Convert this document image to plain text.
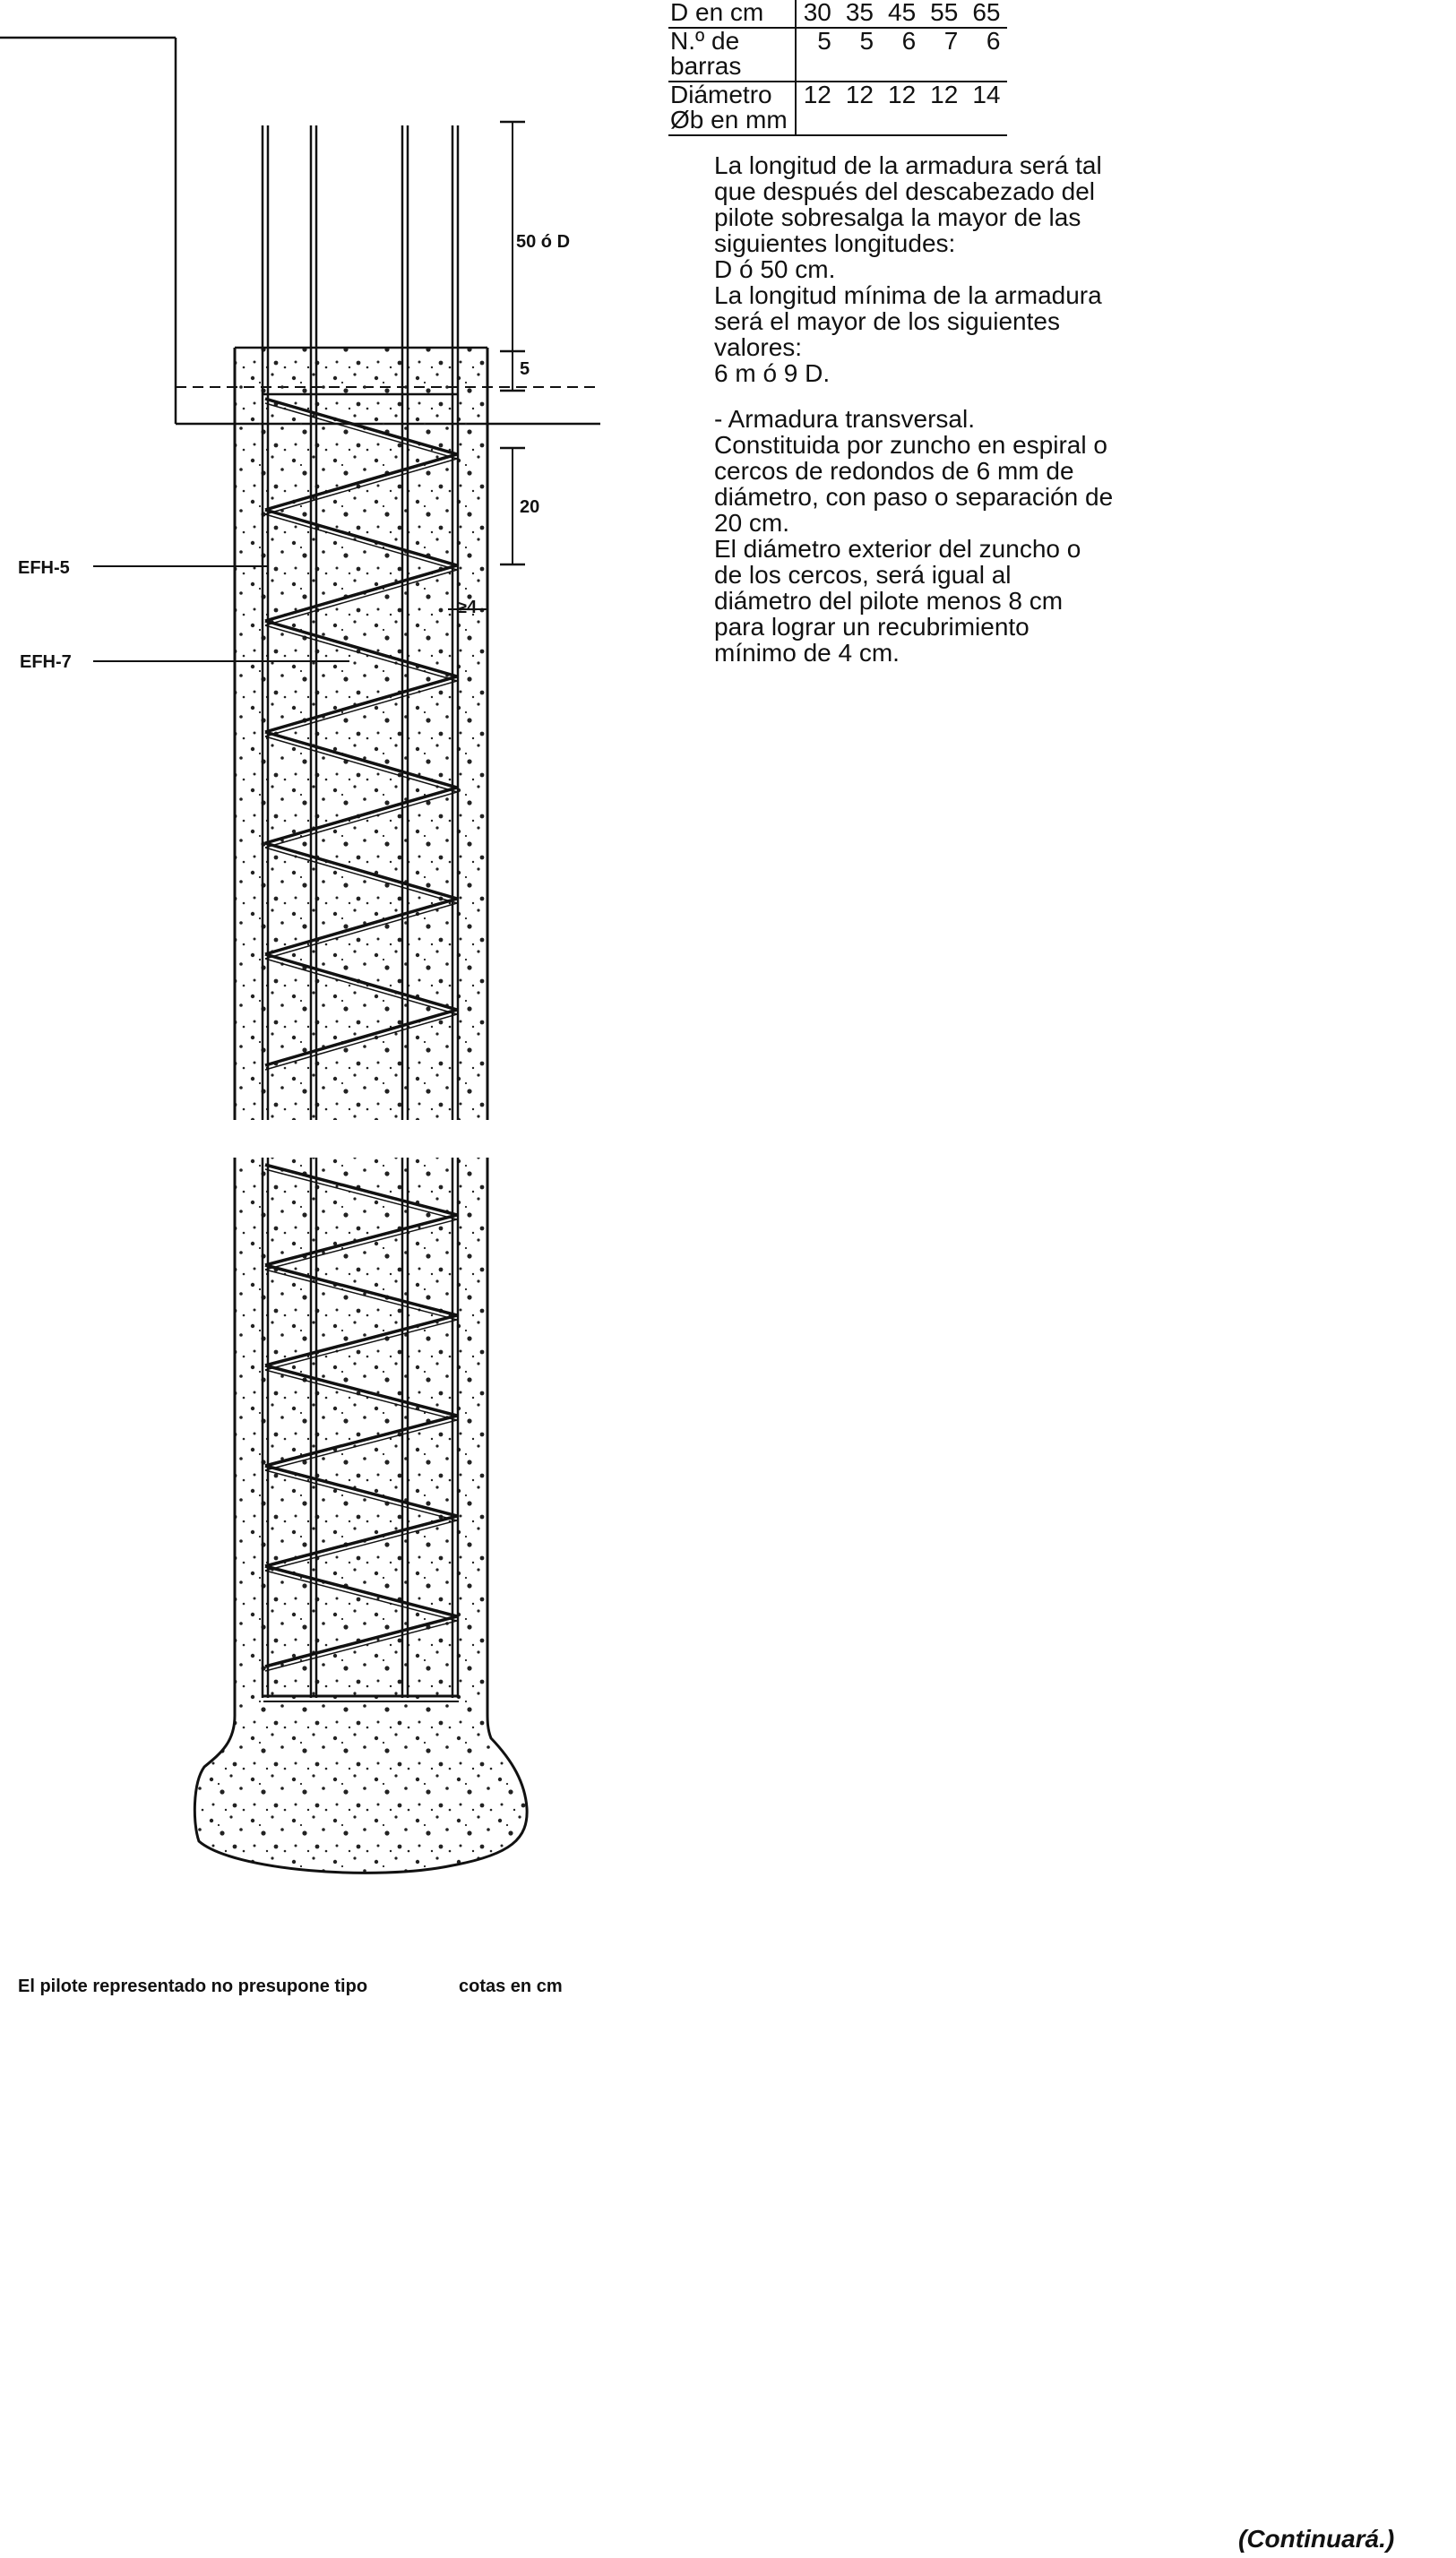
D en cm	30	35	45	55	65
N.º de
barras	5	5	6	7	6
Diámetro
Øb en mm	12	12	12	12	14

La longitud de la armadura será tal que después del descabezado del pilote sobresalga la mayor de las siguientes longitudes:

D ó 50 cm.

La longitud mínima de la armadura será el mayor de los siguientes valores:

6 m ó 9 D.

- Armadura transversal.

Constituida por zuncho en espiral o cercos de redondos de 6 mm de diámetro, con paso o separación de 20 cm.

El diámetro exterior del zuncho o de los cercos, será igual al diámetro del pilote menos 8 cm para lograr un recubrimiento mínimo de 4 cm.

50 ó D
5
20
≥4
EFH-5
EFH-7
El pilote representado no presupone tipo	cotas en cm
(Continuará.)
